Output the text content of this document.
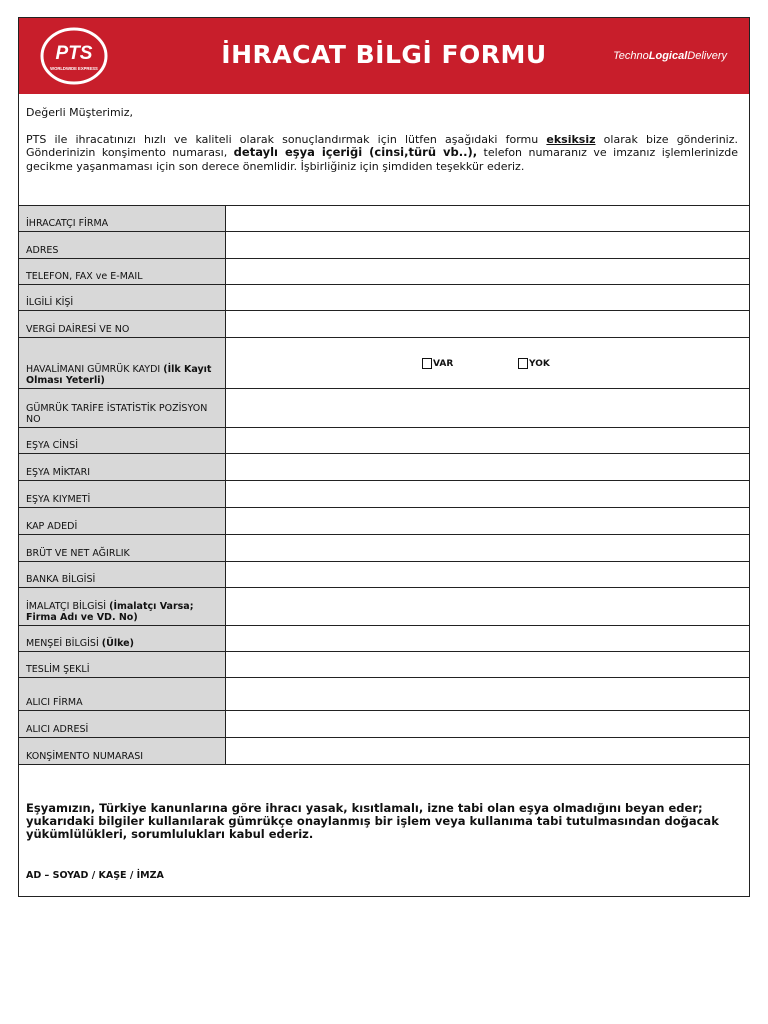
PTS
WORLDWIDE EXPRESS	İHRACAT BİLGİ FORMU	TechnoLogicalDelivery

Değerli Müşterimiz,

PTS ile ihracatınızı hızlı ve kaliteli olarak sonuçlandırmak için lütfen aşağıdaki formu eksiksiz olarak bize gönderiniz. Gönderinizin konşimento numarası, detaylı eşya içeriği (cinsi,türü vb..), telefon numaranız ve imzanız işlemlerinizde gecikme yaşanmaması için son derece önemlidir. İşbirliğiniz için şimdiden teşekkür ederiz.

İHRACATÇI FİRMA
ADRES
TELEFON, FAX ve E-MAIL
İLGİLİ KİŞİ
VERGİ DAİRESİ VE NO
HAVALİMANI GÜMRÜK KAYDI (İlk Kayıt Olması Yeterli)
VAR	YOK
GÜMRÜK TARİFE İSTATİSTİK POZİSYON NO
EŞYA CİNSİ
EŞYA MİKTARI
EŞYA KIYMETİ
KAP ADEDİ
BRÜT VE NET AĞIRLIK
BANKA BİLGİSİ
İMALATÇI BİLGİSİ (İmalatçı Varsa; Firma Adı ve VD. No)
MENŞEİ BİLGİSİ (Ülke)
TESLİM ŞEKLİ
ALICI FİRMA
ALICI ADRESİ
KONŞİMENTO NUMARASI
Eşyamızın, Türkiye kanunlarına göre ihracı yasak, kısıtlamalı, izne tabi olan eşya olmadığını beyan eder; yukarıdaki bilgiler kullanılarak gümrükçe onaylanmış bir işlem veya kullanıma tabi tutulmasından doğacak yükümlülükleri, sorumlulukları kabul ederiz.
AD – SOYAD / KAŞE / İMZA
